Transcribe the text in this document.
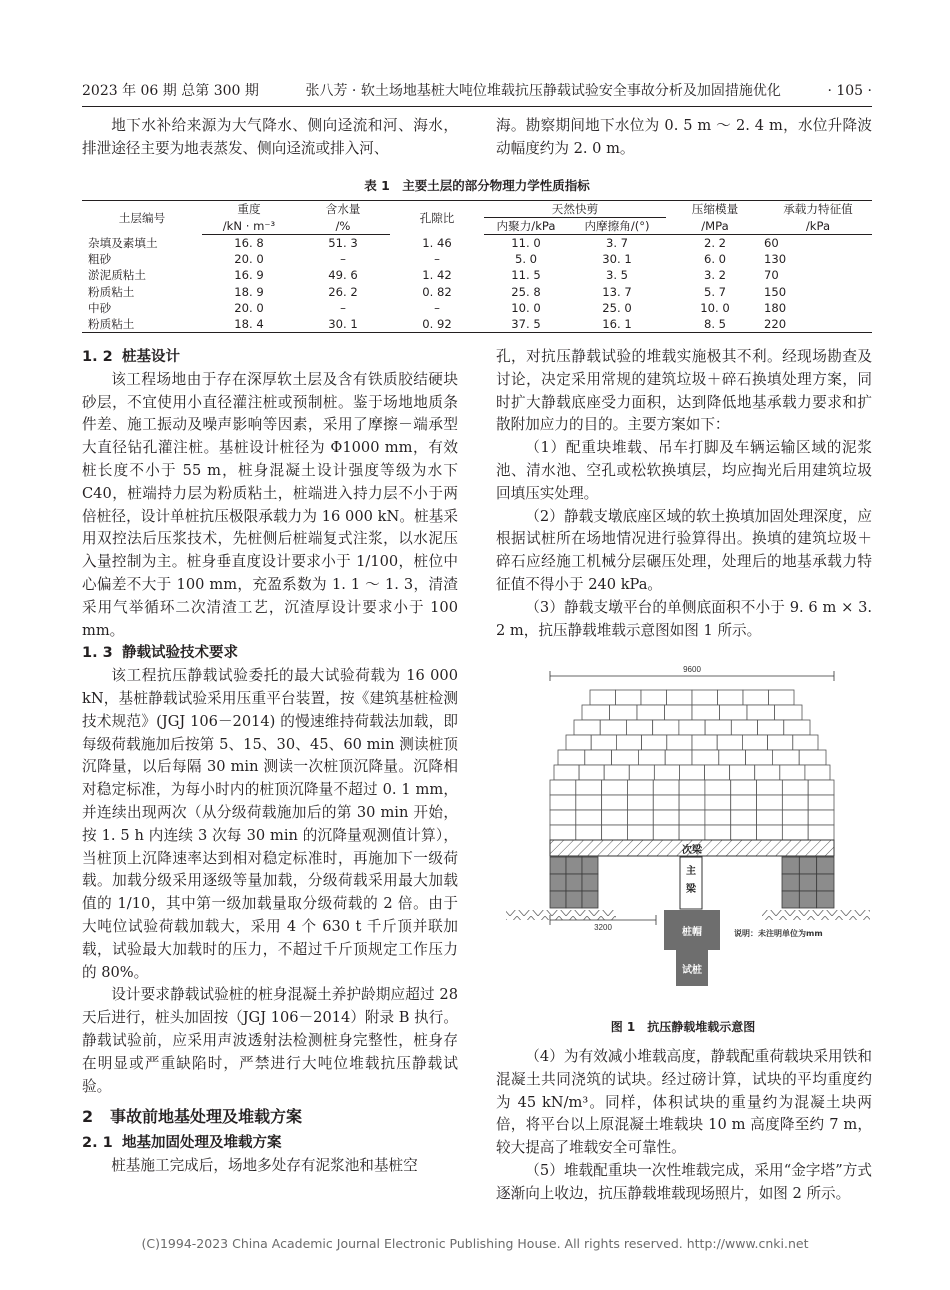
2023 年 06 期 总第 300 期	张八芳 · 软土场地基桩大吨位堆载抗压静载试验安全事故分析及加固措施优化	· 105 ·

地下水补给来源为大气降水、侧向迳流和河、海水，排泄途径主要为地表蒸发、侧向迳流或排入河、

海。勘察期间地下水位为 0. 5 m ～ 2. 4 m，水位升降波动幅度约为 2. 0 m。

表 1　主要土层的部分物理力学性质指标
土层编号	重度	含水量	孔隙比	天然快剪		压缩模量	承载力特征值
	/kN · m⁻³	/%		内聚力/kPa	内摩擦角/(°)	/MPa	/kPa
杂填及素填土	16. 8	51. 3	1. 46	11. 0	3. 7	2. 2	60
粗砂	20. 0	–	–	5. 0	30. 1	6. 0	130
淤泥质粘土	16. 9	49. 6	1. 42	11. 5	3. 5	3. 2	70
粉质粘土	18. 9	26. 2	0. 82	25. 8	13. 7	5. 7	150
中砂	20. 0	–	–	10. 0	25. 0	10. 0	180
粉质粘土	18. 4	30. 1	0. 92	37. 5	16. 1	8. 5	220
1. 2 桩基设计

该工程场地由于存在深厚软土层及含有铁质胶结硬块砂层，不宜使用小直径灌注桩或预制桩。鉴于场地地质条件差、施工振动及噪声影响等因素，采用了摩擦－端承型大直径钻孔灌注桩。基桩设计桩径为 Φ1000 mm，有效桩长度不小于 55 m，桩身混凝土设计强度等级为水下 C40，桩端持力层为粉质粘土，桩端进入持力层不小于两倍桩径，设计单桩抗压极限承载力为 16 000 kN。桩基采用双控法后压浆技术，先桩侧后桩端复式注浆，以水泥压入量控制为主。桩身垂直度设计要求小于 1/100，桩位中心偏差不大于 100 mm，充盈系数为 1. 1 ～ 1. 3，清渣采用气举循环二次清渣工艺，沉渣厚设计要求小于 100 mm。

1. 3 静载试验技术要求

该工程抗压静载试验委托的最大试验荷载为 16 000 kN，基桩静载试验采用压重平台装置，按《建筑基桩检测技术规范》(JGJ 106－2014) 的慢速维持荷载法加载，即每级荷载施加后按第 5、15、30、45、60 min 测读桩顶沉降量，以后每隔 30 min 测读一次桩顶沉降量。沉降相对稳定标准，为每小时内的桩顶沉降量不超过 0. 1 mm，并连续出现两次（从分级荷载施加后的第 30 min 开始，按 1. 5 h 内连续 3 次每 30 min 的沉降量观测值计算），当桩顶上沉降速率达到相对稳定标准时，再施加下一级荷载。加载分级采用逐级等量加载，分级荷载采用最大加载值的 1/10，其中第一级加载量取分级荷载的 2 倍。由于大吨位试验荷载加载大，采用 4 个 630 t 千斤顶并联加载，试验最大加载时的压力，不超过千斤顶规定工作压力的 80%。

设计要求静载试验桩的桩身混凝土养护龄期应超过 28 天后进行，桩头加固按（JGJ 106－2014）附录 B 执行。静载试验前，应采用声波透射法检测桩身完整性，桩身存在明显或严重缺陷时，严禁进行大吨位堆载抗压静载试验。

2 事故前地基处理及堆载方案
2. 1 地基加固处理及堆载方案

桩基施工完成后，场地多处存有泥浆池和基桩空

孔，对抗压静载试验的堆载实施极其不利。经现场勘查及讨论，决定采用常规的建筑垃圾＋碎石换填处理方案，同时扩大静载底座受力面积，达到降低地基承载力要求和扩散附加应力的目的。主要方案如下：

（1）配重块堆载、吊车打脚及车辆运输区域的泥浆池、清水池、空孔或松软换填层，均应掏光后用建筑垃圾回填压实处理。

（2）静载支墩底座区域的软土换填加固处理深度，应根据试桩所在场地情况进行验算得出。换填的建筑垃圾＋碎石应经施工机械分层碾压处理，处理后的地基承载力特征值不得小于 240 kPa。

（3）静载支墩平台的单侧底面积不小于 9. 6 m × 3. 2 m，抗压静载堆载示意图如图 1 所示。

9600
次梁
主
梁
桩帽
试桩
3200
说明：未注明单位为mm
图 1　抗压静载堆载示意图

（4）为有效减小堆载高度，静载配重荷载块采用铁和混凝土共同浇筑的试块。经过磅计算，试块的平均重度约为 45 kN/m³。同样，体积试块的重量约为混凝土块两倍，将平台以上原混凝土堆载块 10 m 高度降至约 7 m，较大提高了堆载安全可靠性。

（5）堆载配重块一次性堆载完成，采用“金字塔”方式逐渐向上收边，抗压静载堆载现场照片，如图 2 所示。

(C)1994-2023 China Academic Journal Electronic Publishing House. All rights reserved. http://www.cnki.net
